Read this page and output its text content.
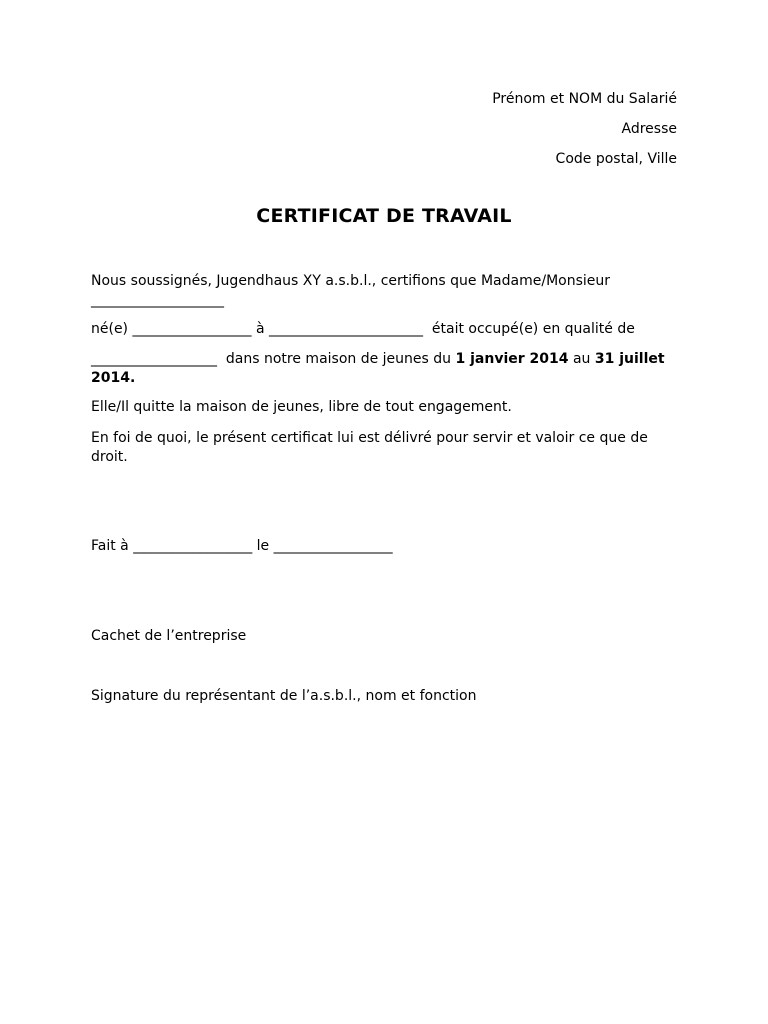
Prénom et NOM du Salarié
Adresse
Code postal, Ville
CERTIFICAT DE TRAVAIL
Nous soussignés, Jugendhaus XY a.s.b.l., certifions que Madame/Monsieur
___________________
né(e) _________________ à ______________________ était occupé(e) en qualité de
__________________ dans notre maison de jeunes du 1 janvier 2014 au 31 juillet 2014.
Elle/Il quitte la maison de jeunes, libre de tout engagement.
En foi de quoi, le présent certificat lui est délivré pour servir et valoir ce que de droit.
Fait à _________________ le _________________
Cachet de l’entreprise
Signature du représentant de l’a.s.b.l., nom et fonction
